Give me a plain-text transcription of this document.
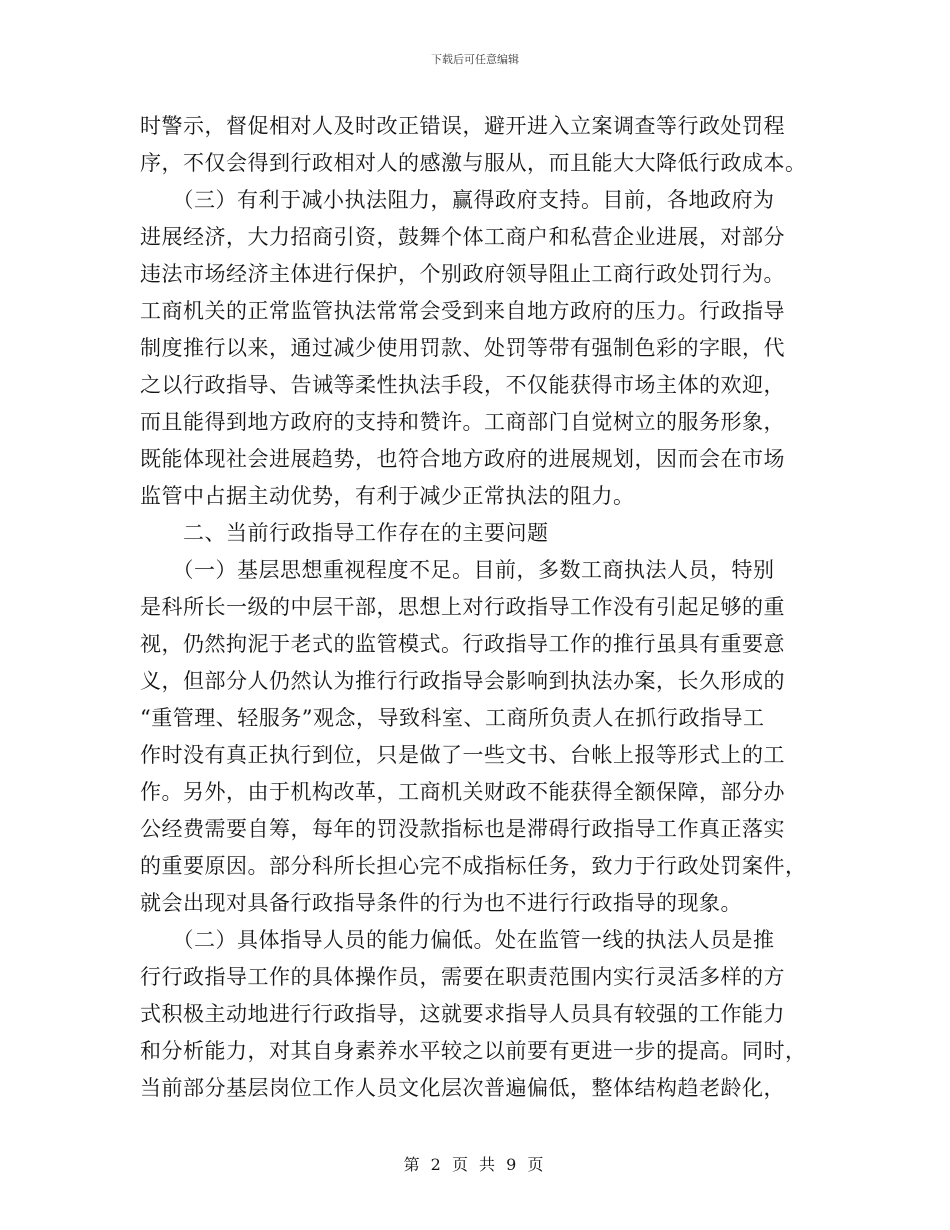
下载后可任意编辑
时警示，督促相对人及时改正错误，避开进入立案调查等行政处罚程
序，不仅会得到行政相对人的感激与服从，而且能大大降低行政成本。
　　（三）有利于减小执法阻力，赢得政府支持。目前，各地政府为
进展经济，大力招商引资，鼓舞个体工商户和私营企业进展，对部分
违法市场经济主体进行保护，个别政府领导阻止工商行政处罚行为。
工商机关的正常监管执法常常会受到来自地方政府的压力。行政指导
制度推行以来，通过减少使用罚款、处罚等带有强制色彩的字眼，代
之以行政指导、告诫等柔性执法手段，不仅能获得市场主体的欢迎，
而且能得到地方政府的支持和赞许。工商部门自觉树立的服务形象，
既能体现社会进展趋势，也符合地方政府的进展规划，因而会在市场
监管中占据主动优势，有利于减少正常执法的阻力。
　　二、当前行政指导工作存在的主要问题
　　（一）基层思想重视程度不足。目前，多数工商执法人员，特别
是科所长一级的中层干部，思想上对行政指导工作没有引起足够的重
视，仍然拘泥于老式的监管模式。行政指导工作的推行虽具有重要意
义，但部分人仍然认为推行行政指导会影响到执法办案，长久形成的
“重管理、轻服务”观念，导致科室、工商所负责人在抓行政指导工
作时没有真正执行到位，只是做了一些文书、台帐上报等形式上的工
作。另外，由于机构改革，工商机关财政不能获得全额保障，部分办
公经费需要自筹，每年的罚没款指标也是滞碍行政指导工作真正落实
的重要原因。部分科所长担心完不成指标任务，致力于行政处罚案件，
就会出现对具备行政指导条件的行为也不进行行政指导的现象。
　　（二）具体指导人员的能力偏低。处在监管一线的执法人员是推
行行政指导工作的具体操作员，需要在职责范围内实行灵活多样的方
式积极主动地进行行政指导，这就要求指导人员具有较强的工作能力
和分析能力，对其自身素养水平较之以前要有更进一步的提高。同时，
当前部分基层岗位工作人员文化层次普遍偏低，整体结构趋老龄化，
第 2 页 共 9 页
